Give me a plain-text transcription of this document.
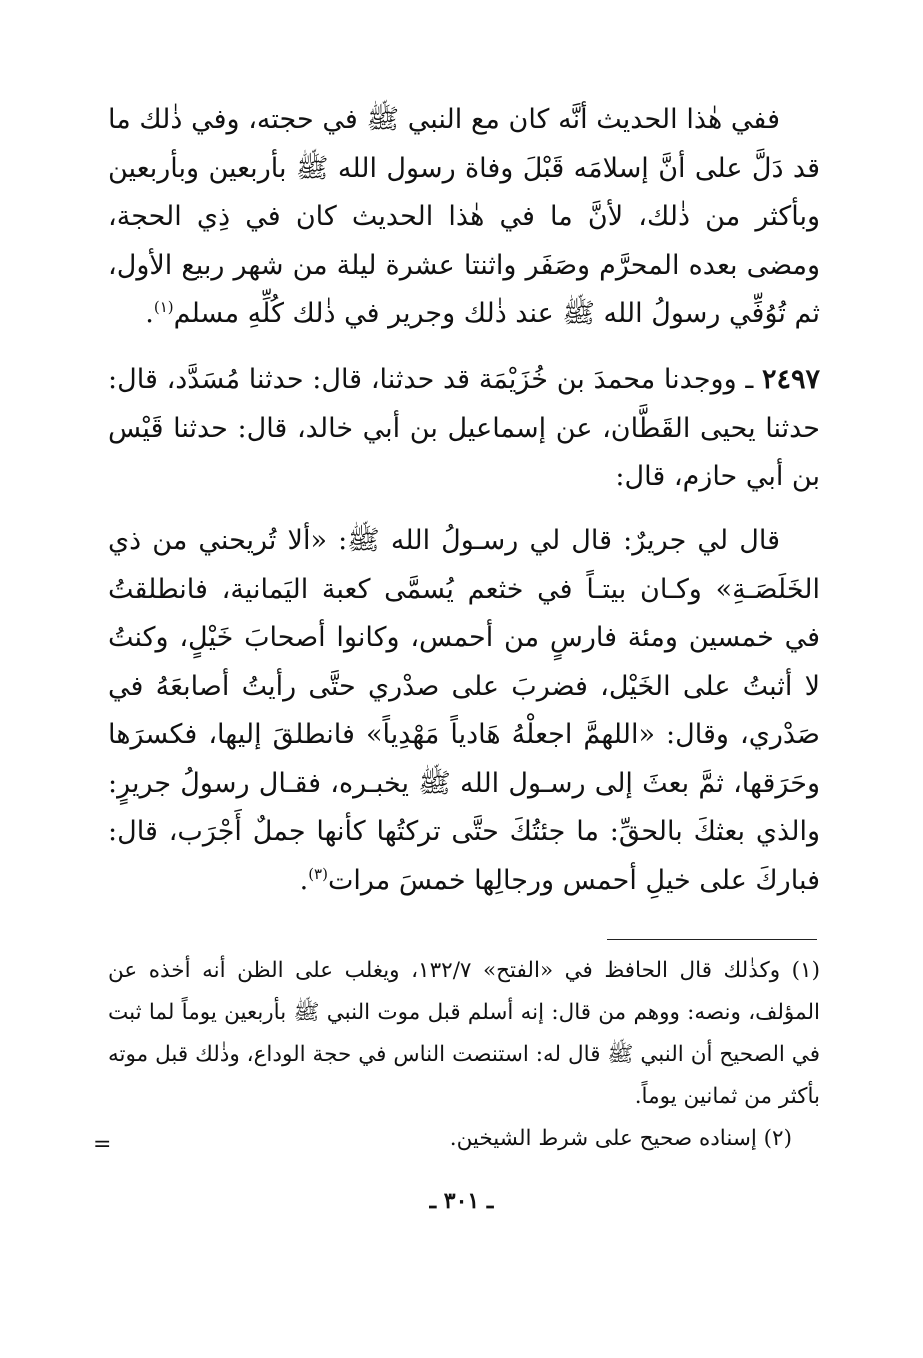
ففي هٰذا الحديث أنَّه كان مع النبي ﷺ في حجته، وفي ذٰلك ما قد دَلَّ على أنَّ إسلامَه قَبْلَ وفاة رسول الله ﷺ بأربعين وبأربعين وبأكثر من ذٰلك، لأنَّ ما في هٰذا الحديث كان في ذِي الحجة، ومضى بعده المحرَّم وصَفَر واثنتا عشرة ليلة من شهر ربيع الأول، ثم تُوُفِّي رسولُ الله ﷺ عند ذٰلك وجرير في ذٰلك كُلِّهِ مسلم$^{(١)}$.

٢٤٩٧ ـ ووجدنا محمدَ بن خُزَيْمَة قد حدثنا، قال: حدثنا مُسَدَّد، قال: حدثنا يحيى القَطَّان، عن إسماعيل بن أبي خالد، قال: حدثنا قَيْس بن أبي حازم، قال:

قال لي جريرٌ: قال لي رسـولُ الله ﷺ: «ألا تُريحني من ذي الخَلَصَـةِ» وكـان بيتـاً في خثعم يُسمَّى كعبة اليَمانية، فانطلقتُ في خمسين ومئة فارسٍ من أحمس، وكانوا أصحابَ خَيْلٍ، وكنتُ لا أثبتُ على الخَيْل، فضربَ على صدْري حتَّى رأيتُ أصابعَهُ في صَدْري، وقال: «اللهمَّ اجعلْهُ هَادياً مَهْدِياً» فانطلقَ إليها، فكسرَها وحَرَقها، ثمَّ بعثَ إلى رسـول الله ﷺ يخبـره، فقـال رسولُ جريرٍ: والذي بعثكَ بالحقِّ: ما جئتُكَ حتَّى تركتُها كأنها جملٌ أَجْرَب، قال: فباركَ على خيلِ أحمس ورجالِها خمسَ مرات$^{(٣)}$.

(١) وكذٰلك قال الحافظ في «الفتح» ١٣٢/٧، ويغلب على الظن أنه أخذه عن المؤلف، ونصه: ووهم من قال: إنه أسلم قبل موت النبي ﷺ بأربعين يوماً لما ثبت في الصحيح أن النبي ﷺ قال له: استنصت الناس في حجة الوداع، وذٰلك قبل موته بأكثر من ثمانين يوماً.

(٢) إسناده صحيح على شرط الشيخين.

=
ـ ٣٠١ ـ
